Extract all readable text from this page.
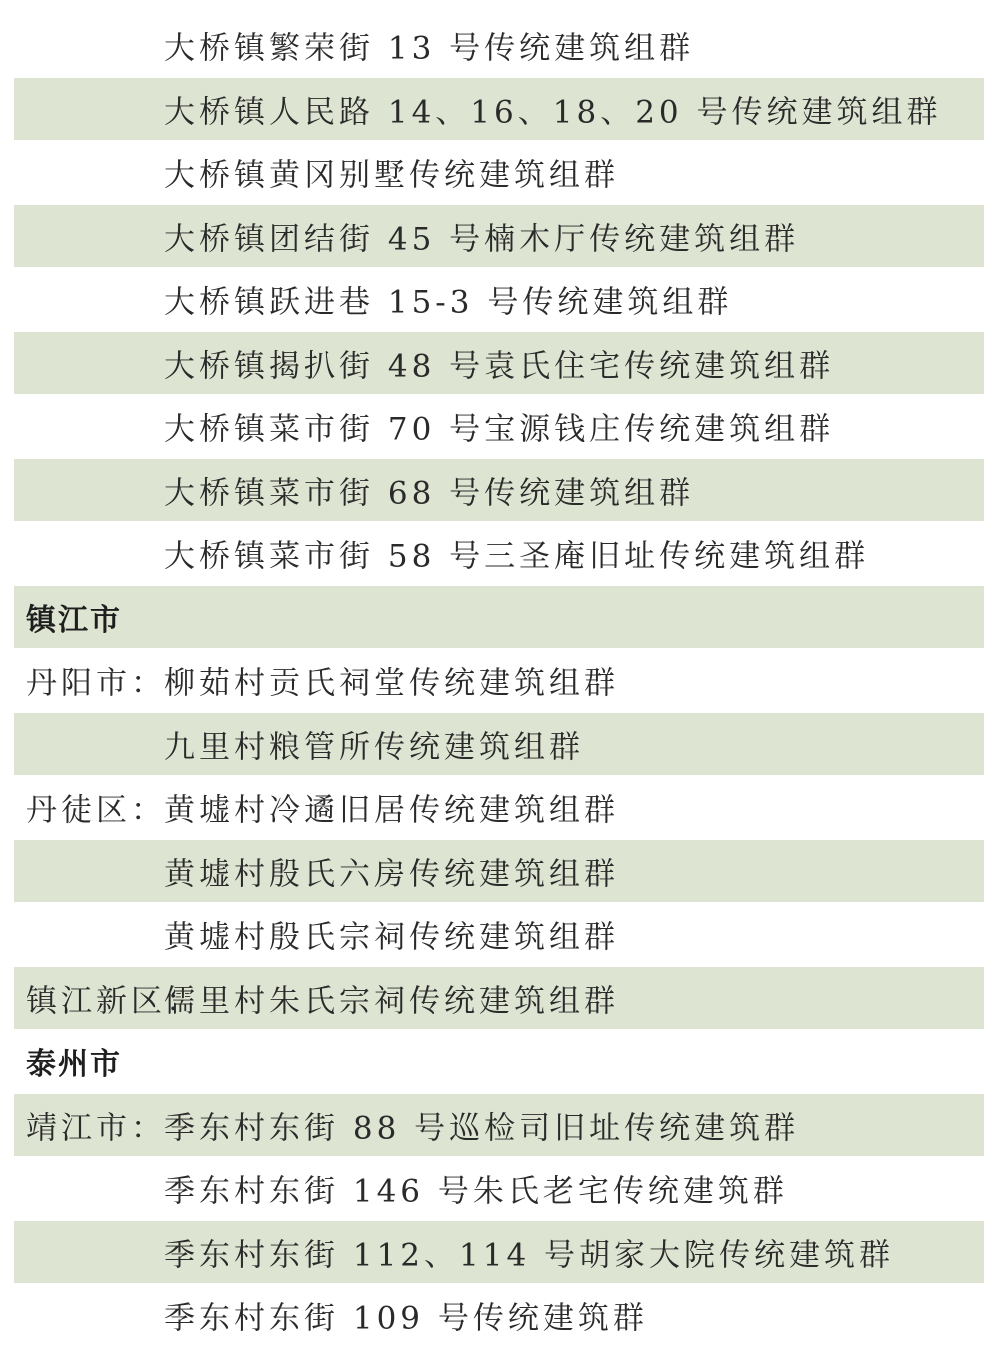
大桥镇繁荣街 13 号传统建筑组群
大桥镇人民路 14、16、18、20 号传统建筑组群
大桥镇黄冈别墅传统建筑组群
大桥镇团结街 45 号楠木厅传统建筑组群
大桥镇跃进巷 15-3 号传统建筑组群
大桥镇揭扒街 48 号袁氏住宅传统建筑组群
大桥镇菜市街 70 号宝源钱庄传统建筑组群
大桥镇菜市街 68 号传统建筑组群
大桥镇菜市街 58 号三圣庵旧址传统建筑组群
镇江市
丹阳市：
柳茹村贡氏祠堂传统建筑组群
九里村粮管所传统建筑组群
丹徒区：
黄墟村冷遹旧居传统建筑组群
黄墟村殷氏六房传统建筑组群
黄墟村殷氏宗祠传统建筑组群
镇江新区：
儒里村朱氏宗祠传统建筑组群
泰州市
靖江市：
季东村东街 88 号巡检司旧址传统建筑群
季东村东街 146 号朱氏老宅传统建筑群
季东村东街 112、114 号胡家大院传统建筑群
季东村东街 109 号传统建筑群
